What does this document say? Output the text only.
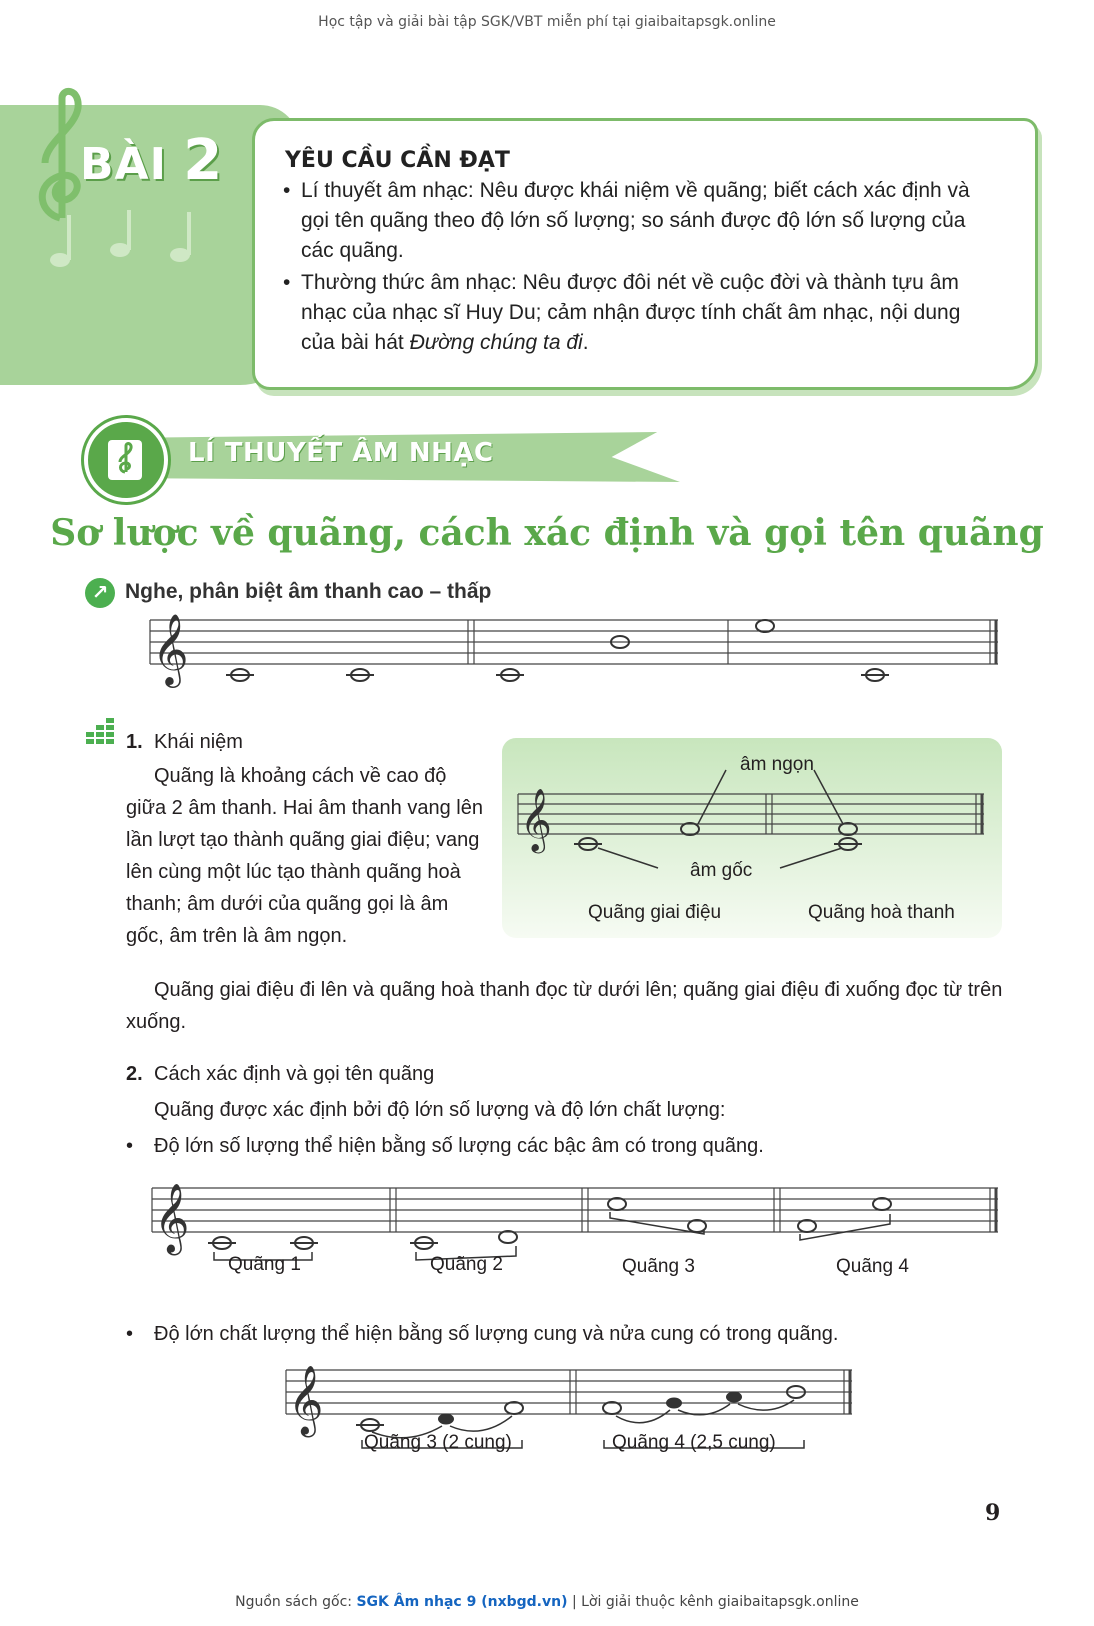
Học tập và giải bài tập SGK/VBT miễn phí tại giaibaitapsgk.online
BÀI 2	YÊU CẦU CẦN ĐẠT
• Lí thuyết âm nhạc: Nêu được khái niệm về quãng; biết cách xác định và gọi tên quãng theo độ lớn số lượng; so sánh được độ lớn số lượng của các quãng.
• Thường thức âm nhạc: Nêu được đôi nét về cuộc đời và thành tựu âm nhạc của nhạc sĩ Huy Du; cảm nhận được tính chất âm nhạc, nội dung của bài hát Đường chúng ta đi.
LÍ THUYẾT ÂM NHẠC
Sơ lược về quãng, cách xác định và gọi tên quãng
↗ Nghe, phân biệt âm thanh cao – thấp
𝄞
1. Khái niệm
Quãng là khoảng cách về cao độ giữa 2 âm thanh. Hai âm thanh vang lên lần lượt tạo thành quãng giai điệu; vang lên cùng một lúc tạo thành quãng hoà thanh; âm dưới của quãng gọi là âm gốc, âm trên là âm ngọn.
𝄞
âm ngọn
âm gốc
Quãng giai điệu	Quãng hoà thanh
Quãng giai điệu đi lên và quãng hoà thanh đọc từ dưới lên; quãng giai điệu đi xuống đọc từ trên xuống.
2. Cách xác định và gọi tên quãng
Quãng được xác định bởi độ lớn số lượng và độ lớn chất lượng:
• Độ lớn số lượng thể hiện bằng số lượng các bậc âm có trong quãng.
𝄞
Quãng 1	Quãng 2	Quãng 3	Quãng 4
• Độ lớn chất lượng thể hiện bằng số lượng cung và nửa cung có trong quãng.
𝄞
Quãng 3 (2 cung)	Quãng 4 (2,5 cung)
9
Nguồn sách gốc: SGK Âm nhạc 9 (nxbgd.vn) | Lời giải thuộc kênh giaibaitapsgk.online
